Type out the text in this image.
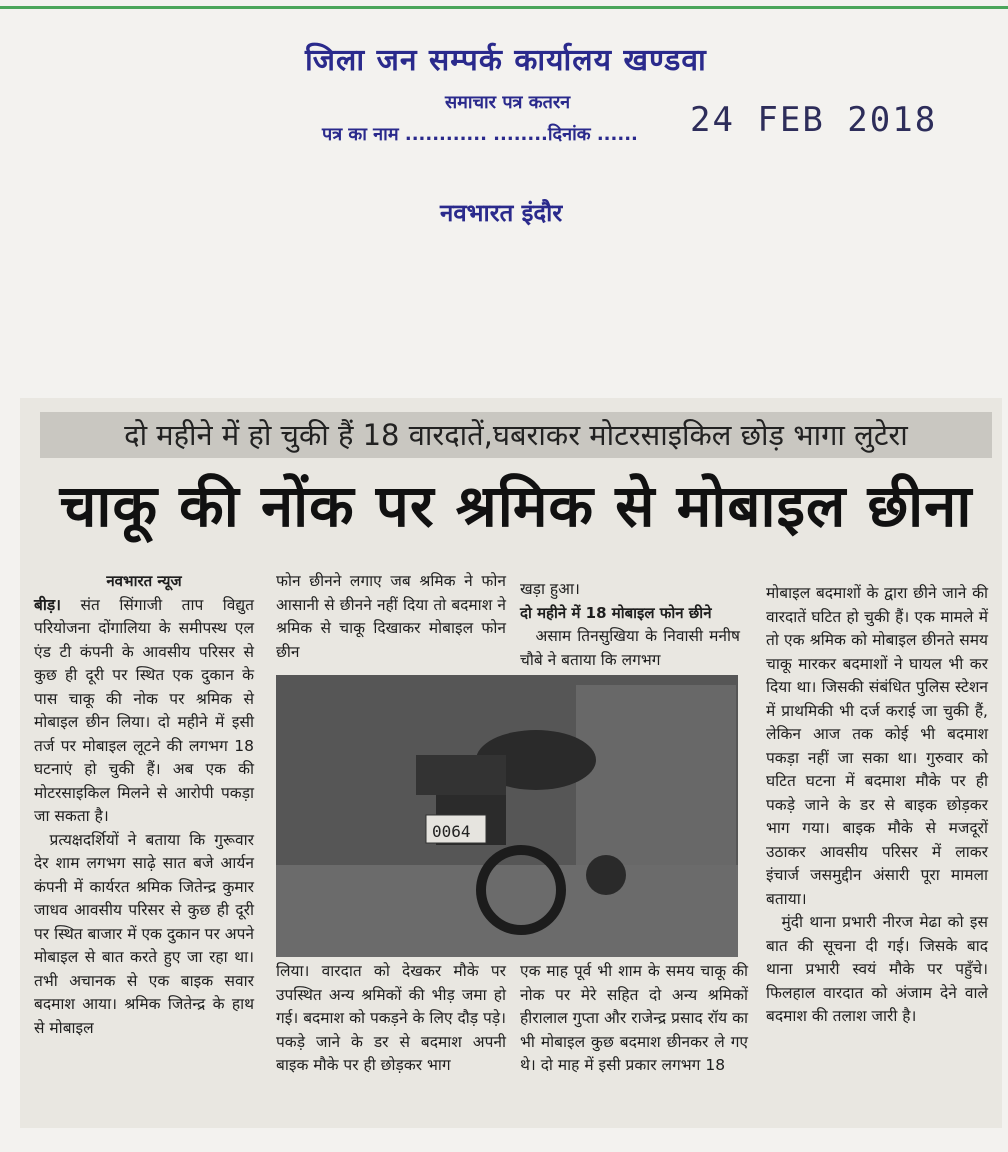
जिला जन सम्पर्क कार्यालय खण्डवा
समाचार पत्र कतरन
पत्र का नाम ............ ........दिनांक ...... 24 FEB 2018
नवभारत इंदौर
दो महीने में हो चुकी हैं 18 वारदातें,घबराकर मोटरसाइकिल छोड़ भागा लुटेरा
चाकू की नोंक पर श्रमिक से मोबाइल छीना

नवभारत न्यूज

बीड़। संत सिंगाजी ताप विद्युत परियोजना दोंगालिया के समीपस्थ एल एंड टी कंपनी के आवसीय परिसर से कुछ ही दूरी पर स्थित एक दुकान के पास चाकू की नोक पर श्रमिक से मोबाइल छीन लिया। दो महीने में इसी तर्ज पर मोबाइल लूटने की लगभग 18 घटनाएं हो चुकी हैं। अब एक की मोटरसाइकिल मिलने से आरोपी पकड़ा जा सकता है।

प्रत्यक्षदर्शियों ने बताया कि गुरूवार देर शाम लगभग साढ़े सात बजे आर्यन कंपनी में कार्यरत श्रमिक जितेन्द्र कुमार जाधव आवसीय परिसर से कुछ ही दूरी पर स्थित बाजार में एक दुकान पर अपने मोबाइल से बात करते हुए जा रहा था। तभी अचानक से एक बाइक सवार बदमाश आया। श्रमिक जितेन्द्र के हाथ से मोबाइल

फोन छीनने लगाए जब श्रमिक ने फोन आसानी से छीनने नहीं दिया तो बदमाश ने श्रमिक से चाकू दिखाकर मोबाइल फोन छीन

खड़ा हुआ।

दो महीने में 18 मोबाइल फोन छीने

असाम तिनसुखिया के निवासी मनीष चौबे ने बताया कि लगभग

0064
लिया। वारदात को देखकर मौके पर उपस्थित अन्य श्रमिकों की भीड़ जमा हो गई। बदमाश को पकड़ने के लिए दौड़ पड़े। पकड़े जाने के डर से बदमाश अपनी बाइक मौके पर ही छोड़कर भाग
एक माह पूर्व भी शाम के समय चाकू की नोक पर मेरे सहित दो अन्य श्रमिकों हीरालाल गुप्ता और राजेन्द्र प्रसाद रॉय का भी मोबाइल कुछ बदमाश छीनकर ले गए थे। दो माह में इसी प्रकार लगभग 18

मोबाइल बदमाशों के द्वारा छीने जाने की वारदातें घटित हो चुकी हैं। एक मामले में तो एक श्रमिक को मोबाइल छीनते समय चाकू मारकर बदमाशों ने घायल भी कर दिया था। जिसकी संबंधित पुलिस स्टेशन में प्राथमिकी भी दर्ज कराई जा चुकी हैं, लेकिन आज तक कोई भी बदमाश पकड़ा नहीं जा सका था। गुरुवार को घटित घटना में बदमाश मौके पर ही पकड़े जाने के डर से बाइक छोड़कर भाग गया। बाइक मौके से मजदूरों उठाकर आवसीय परिसर में लाकर इंचार्ज जसमुद्दीन अंसारी पूरा मामला बताया।

मुंदी थाना प्रभारी नीरज मेढा को इस बात की सूचना दी गई। जिसके बाद थाना प्रभारी स्वयं मौके पर पहुँचे। फिलहाल वारदात को अंजाम देने वाले बदमाश की तलाश जारी है।
